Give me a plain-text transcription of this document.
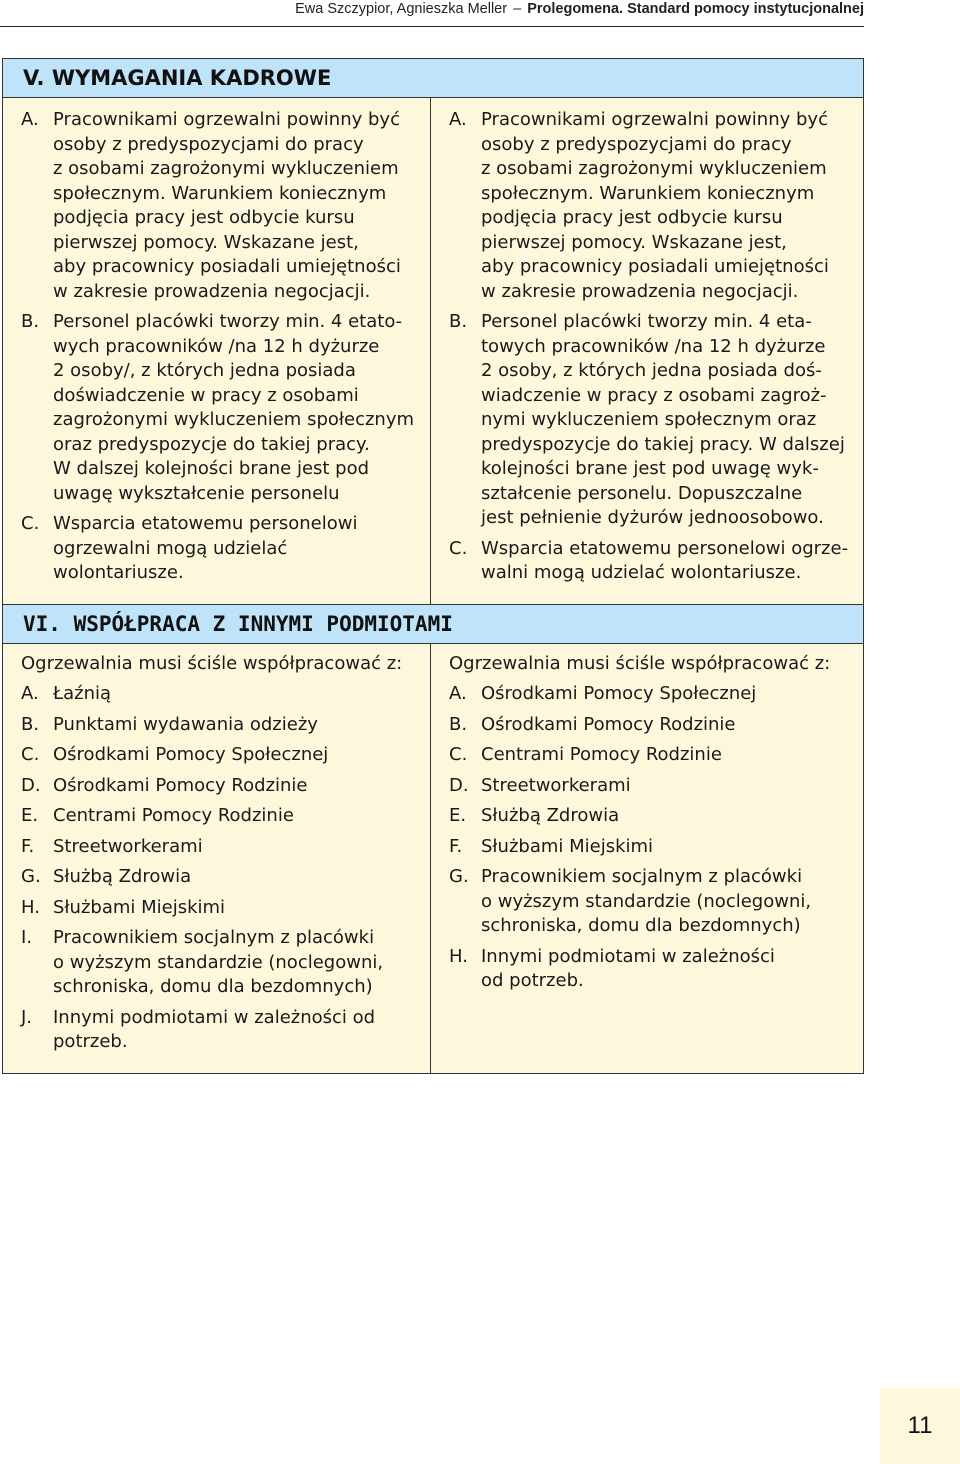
Ewa Szczypior, Agnieszka Meller – Prolegomena. Standard pomocy instytucjonalnej
V. WYMAGANIA KADROWE
A. Pracownikami ogrzewalni powinny być
osoby z predyspozycjami do pracy
z osobami zagrożonymi wykluczeniem
społecznym. Warunkiem koniecznym
podjęcia pracy jest odbycie kursu
pierwszej pomocy. Wskazane jest,
aby pracownicy posiadali umiejętności
w zakresie prowadzenia negocjacji.
B. Personel placówki tworzy min. 4 etato-
wych pracowników /na 12 h dyżurze
2 osoby/, z których jedna posiada
doświadczenie w pracy z osobami
zagrożonymi wykluczeniem społecznym
oraz predyspozycje do takiej pracy.
W dalszej kolejności brane jest pod
uwagę wykształcenie personelu
C. Wsparcia etatowemu personelowi
ogrzewalni mogą udzielać wolontariusze.
A. Pracownikami ogrzewalni powinny być
osoby z predyspozycjami do pracy
z osobami zagrożonymi wykluczeniem
społecznym. Warunkiem koniecznym
podjęcia pracy jest odbycie kursu
pierwszej pomocy. Wskazane jest,
aby pracownicy posiadali umiejętności
w zakresie prowadzenia negocjacji.
B. Personel placówki tworzy min. 4 eta-
towych pracowników /na 12 h dyżurze
2 osoby, z których jedna posiada doś-
wiadczenie w pracy z osobami zagroż-
nymi wykluczeniem społecznym oraz
predyspozycje do takiej pracy. W dalszej
kolejności brane jest pod uwagę wyk-
ształcenie personelu. Dopuszczalne
jest pełnienie dyżurów jednoosobowo.
C. Wsparcia etatowemu personelowi ogrze-
walni mogą udzielać wolontariusze.
VI. WSPÓŁPRACA Z INNYMI PODMIOTAMI
Ogrzewalnia musi ściśle współpracować z:
A. Łaźnią
B. Punktami wydawania odzieży
C. Ośrodkami Pomocy Społecznej
D. Ośrodkami Pomocy Rodzinie
E. Centrami Pomocy Rodzinie
F.	Streetworkerami
G. Służbą Zdrowia
H. Służbami Miejskimi
I.	Pracownikiem socjalnym z placówki
o wyższym standardzie (noclegowni,
schroniska, domu dla bezdomnych)
J.	Innymi podmiotami w zależności od
potrzeb.
Ogrzewalnia musi ściśle współpracować z:
A. Ośrodkami Pomocy Społecznej
B. Ośrodkami Pomocy Rodzinie
C. Centrami Pomocy Rodzinie
D. Streetworkerami
E. Służbą Zdrowia
F.	Służbami Miejskimi
G. Pracownikiem socjalnym z placówki
o wyższym standardzie (noclegowni,
schroniska, domu dla bezdomnych)
H. Innymi podmiotami w zależności
od potrzeb.
11
